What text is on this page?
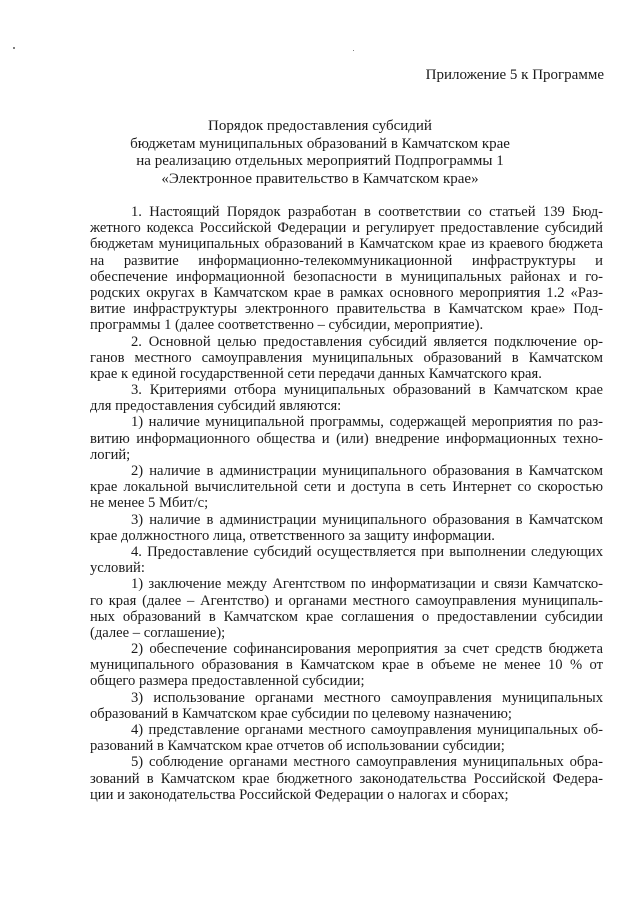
Приложение 5 к Программе
Порядок предоставления субсидий
бюджетам муниципальных образований в Камчатском крае
на реализацию отдельных мероприятий Подпрограммы 1
«Электронное правительство в Камчатском крае»
1. Настоящий Порядок разработан в соответствии со статьей 139 Бюд-
жетного кодекса Российской Федерации и регулирует предоставление субсидий
бюджетам муниципальных образований в Камчатском крае из краевого бюджета
на развитие информационно-телекоммуникационной инфраструктуры и
обеспечение информационной безопасности в муниципальных районах и го-
родских округах в Камчатском крае в рамках основного мероприятия 1.2 «Раз-
витие инфраструктуры электронного правительства в Камчатском крае» Под-
программы 1 (далее соответственно – субсидии, мероприятие).
2. Основной целью предоставления субсидий является подключение ор-
ганов местного самоуправления муниципальных образований в Камчатском
крае к единой государственной сети передачи данных Камчатского края.
3. Критериями отбора муниципальных образований в Камчатском крае
для предоставления субсидий являются:
1) наличие муниципальной программы, содержащей мероприятия по раз-
витию информационного общества и (или) внедрение информационных техно-
логий;
2) наличие в администрации муниципального образования в Камчатском
крае локальной вычислительной сети и доступа в сеть Интернет со скоростью
не менее 5 Мбит/с;
3) наличие в администрации муниципального образования в Камчатском
крае должностного лица, ответственного за защиту информации.
4. Предоставление субсидий осуществляется при выполнении следующих
условий:
1) заключение между Агентством по информатизации и связи Камчатско-
го края (далее – Агентство) и органами местного самоуправления муниципаль-
ных образований в Камчатском крае соглашения о предоставлении субсидии
(далее – соглашение);
2) обеспечение софинансирования мероприятия за счет средств бюджета
муниципального образования в Камчатском крае в объеме не менее 10 % от
общего размера предоставленной субсидии;
3) использование органами местного самоуправления муниципальных
образований в Камчатском крае субсидии по целевому назначению;
4) представление органами местного самоуправления муниципальных об-
разований в Камчатском крае отчетов об использовании субсидии;
5) соблюдение органами местного самоуправления муниципальных обра-
зований в Камчатском крае бюджетного законодательства Российской Федера-
ции и законодательства Российской Федерации о налогах и сборах;
